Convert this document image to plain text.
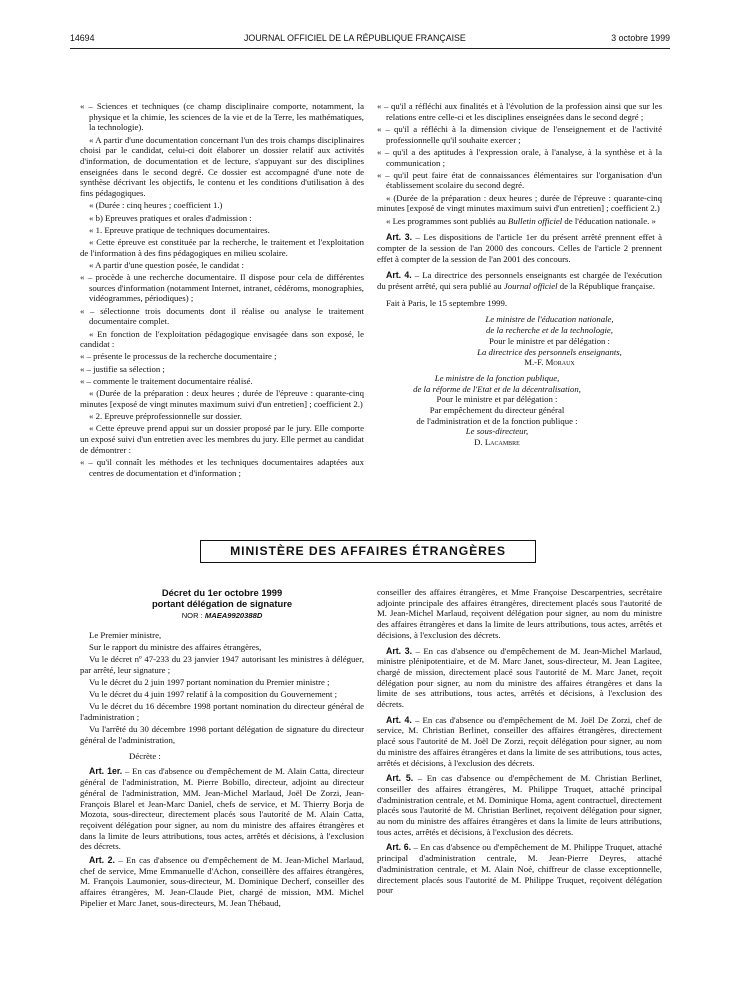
14694	JOURNAL OFFICIEL DE LA RÉPUBLIQUE FRANÇAISE	3 octobre 1999

« – Sciences et techniques (ce champ disciplinaire comporte, notamment, la physique et la chimie, les sciences de la vie et de la Terre, les mathématiques, la technologie).

« A partir d'une documentation concernant l'un des trois champs disciplinaires choisi par le candidat, celui-ci doit élaborer un dossier relatif aux activités d'information, de documentation et de lecture, s'appuyant sur des disciplines enseignées dans le second degré. Ce dossier est accompagné d'une note de synthèse décrivant les objectifs, le contenu et les conditions d'utilisation à des fins pédagogiques.

« (Durée : cinq heures ; coefficient 1.)

« b) Epreuves pratiques et orales d'admission :

« 1. Epreuve pratique de techniques documentaires.

« Cette épreuve est constituée par la recherche, le traitement et l'exploitation de l'information à des fins pédagogiques en milieu scolaire.

« A partir d'une question posée, le candidat :

« – procède à une recherche documentaire. Il dispose pour cela de différentes sources d'information (notamment Internet, intranet, cédéroms, monographies, vidéogrammes, périodiques) ;

« – sélectionne trois documents dont il réalise ou analyse le traitement documentaire complet.

« En fonction de l'exploitation pédagogique envisagée dans son exposé, le candidat :

« – présente le processus de la recherche documentaire ;

« – justifie sa sélection ;

« – commente le traitement documentaire réalisé.

« (Durée de la préparation : deux heures ; durée de l'épreuve : quarante-cinq minutes [exposé de vingt minutes maximum suivi d'un entretien] ; coefficient 2.)

« 2. Epreuve préprofessionnelle sur dossier.

« Cette épreuve prend appui sur un dossier proposé par le jury. Elle comporte un exposé suivi d'un entretien avec les membres du jury. Elle permet au candidat de démontrer :

« – qu'il connaît les méthodes et les techniques documentaires adaptées aux centres de documentation et d'information ;

« – qu'il a réfléchi aux finalités et à l'évolution de la profession ainsi que sur les relations entre celle-ci et les disciplines enseignées dans le second degré ;

« – qu'il a réfléchi à la dimension civique de l'enseignement et de l'activité professionnelle qu'il souhaite exercer ;

« – qu'il a des aptitudes à l'expression orale, à l'analyse, à la synthèse et à la communication ;

« – qu'il peut faire état de connaissances élémentaires sur l'organisation d'un établissement scolaire du second degré.

« (Durée de la préparation : deux heures ; durée de l'épreuve : quarante-cinq minutes [exposé de vingt minutes maximum suivi d'un entretien] ; coefficient 2.)

« Les programmes sont publiés au Bulletin officiel de l'éducation nationale. »

Art. 3. – Les dispositions de l'article 1er du présent arrêté prennent effet à compter de la session de l'an 2000 des concours. Celles de l'article 2 prennent effet à compter de la session de l'an 2001 des concours.

Art. 4. – La directrice des personnels enseignants est chargée de l'exécution du présent arrêté, qui sera publié au Journal officiel de la République française.

Fait à Paris, le 15 septembre 1999.

Le ministre de l'éducation nationale,

de la recherche et de la technologie,

Pour le ministre et par délégation :

La directrice des personnels enseignants,

M.-F. Moraux

Le ministre de la fonction publique,

de la réforme de l'Etat et de la décentralisation,

Pour le ministre et par délégation :

Par empêchement du directeur général

de l'administration et de la fonction publique :

Le sous-directeur,

D. Lacambre

MINISTÈRE DES AFFAIRES ÉTRANGÈRES
Décret du 1er octobre 1999
portant délégation de signature
NOR : MAEA9920388D

Le Premier ministre,

Sur le rapport du ministre des affaires étrangères,

Vu le décret nº 47-233 du 23 janvier 1947 autorisant les ministres à déléguer, par arrêté, leur signature ;

Vu le décret du 2 juin 1997 portant nomination du Premier ministre ;

Vu le décret du 4 juin 1997 relatif à la composition du Gouvernement ;

Vu le décret du 16 décembre 1998 portant nomination du directeur général de l'administration ;

Vu l'arrêté du 30 décembre 1998 portant délégation de signature du directeur général de l'administration,

Décrète :

Art. 1er. – En cas d'absence ou d'empêchement de M. Alain Catta, directeur général de l'administration, M. Pierre Bobillo, directeur, adjoint au directeur général de l'administration, MM. Jean-Michel Marlaud, Joël De Zorzi, Jean-François Blarel et Jean-Marc Daniel, chefs de service, et M. Thierry Borja de Mozota, sous-directeur, directement placés sous l'autorité de M. Alain Catta, reçoivent délégation pour signer, au nom du ministre des affaires étrangères et dans la limite de leurs attributions, tous actes, arrêtés et décisions, à l'exclusion des décrets.

Art. 2. – En cas d'absence ou d'empêchement de M. Jean-Michel Marlaud, chef de service, Mme Emmanuelle d'Achon, conseillère des affaires étrangères, M. François Laumonier, sous-directeur, M. Dominique Decherf, conseiller des affaires étrangères, M. Jean-Claude Piet, chargé de mission, MM. Michel Pipelier et Marc Janet, sous-directeurs, M. Jean Thébaud,

conseiller des affaires étrangères, et Mme Françoise Descarpentries, secrétaire adjointe principale des affaires étrangères, directement placés sous l'autorité de M. Jean-Michel Marlaud, reçoivent délégation pour signer, au nom du ministre des affaires étrangères et dans la limite de leurs attributions, tous actes, arrêtés et décisions, à l'exclusion des décrets.

Art. 3. – En cas d'absence ou d'empêchement de M. Jean-Michel Marlaud, ministre plénipotentiaire, et de M. Marc Janet, sous-directeur, M. Jean Lagitee, chargé de mission, directement placé sous l'autorité de M. Marc Janet, reçoit délégation pour signer, au nom du ministre des affaires étrangères et dans la limite de ses attributions, tous actes, arrêtés et décisions, à l'exclusion des décrets.

Art. 4. – En cas d'absence ou d'empêchement de M. Joël De Zorzi, chef de service, M. Christian Berlinet, conseiller des affaires étrangères, directement placé sous l'autorité de M. Joël De Zorzi, reçoit délégation pour signer, au nom du ministre des affaires étrangères et dans la limite de ses attributions, tous actes, arrêtés et décisions, à l'exclusion des décrets.

Art. 5. – En cas d'absence ou d'empêchement de M. Christian Berlinet, conseiller des affaires étrangères, M. Philippe Truquet, attaché principal d'administration centrale, et M. Dominique Homa, agent contractuel, directement placés sous l'autorité de M. Christian Berlinet, reçoivent délégation pour signer, au nom du ministre des affaires étrangères et dans la limite de leurs attributions, tous actes, arrêtés et décisions, à l'exclusion des décrets.

Art. 6. – En cas d'absence ou d'empêchement de M. Philippe Truquet, attaché principal d'administration centrale, M. Jean-Pierre Deyres, attaché d'administration centrale, et M. Alain Noé, chiffreur de classe exceptionnelle, directement placés sous l'autorité de M. Philippe Truquet, reçoivent délégation pour
